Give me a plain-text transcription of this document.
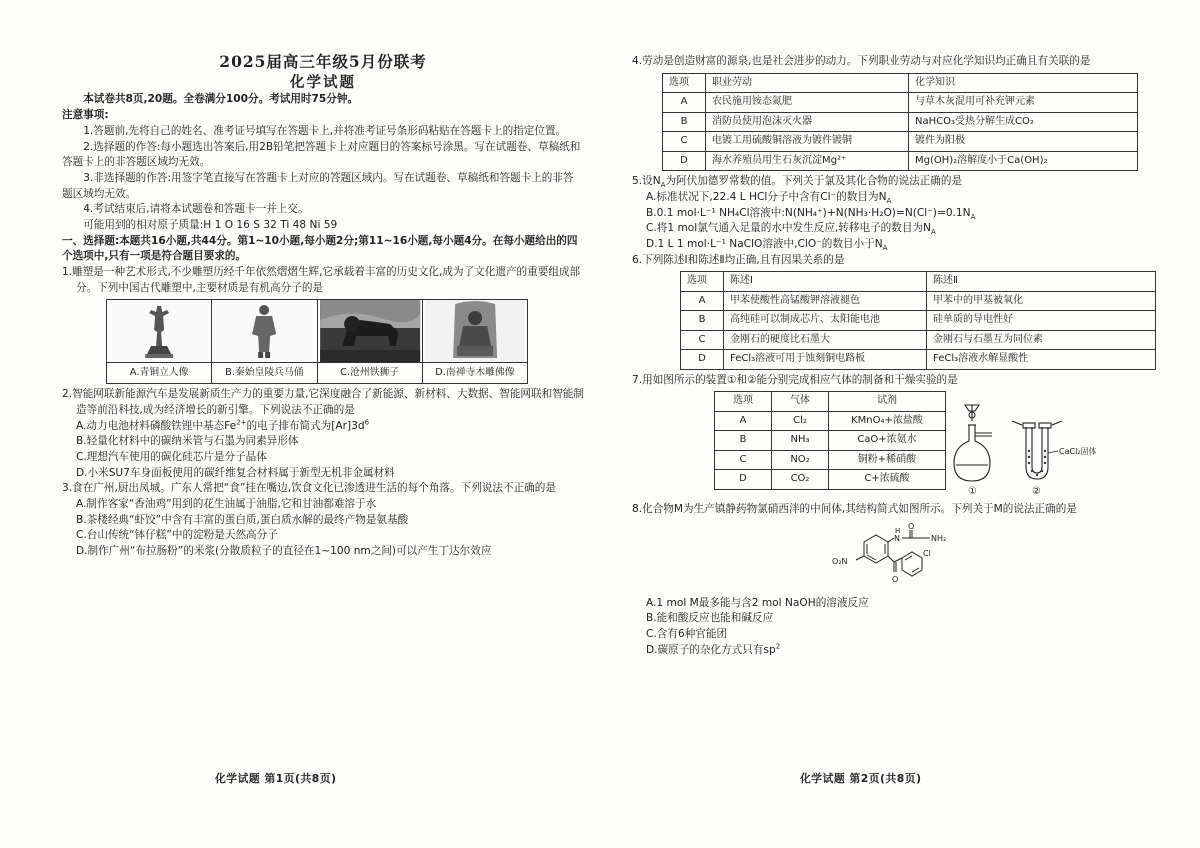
2025届高三年级5月份联考
化学试题

本试卷共8页,20题。全卷满分100分。考试用时75分钟。

注意事项:

1.答题前,先将自己的姓名、准考证号填写在答题卡上,并将准考证号条形码粘贴在答题卡上的指定位置。

2.选择题的作答:每小题选出答案后,用2B铅笔把答题卡上对应题目的答案标号涂黑。写在试题卷、草稿纸和答题卡上的非答题区域均无效。

3.非选择题的作答:用签字笔直接写在答题卡上对应的答题区域内。写在试题卷、草稿纸和答题卡上的非答题区域均无效。

4.考试结束后,请将本试题卷和答题卡一并上交。

可能用到的相对原子质量:H 1 O 16 S 32 Ti 48 Ni 59

一、选择题:本题共16小题,共44分。第1~10小题,每小题2分;第11~16小题,每小题4分。在每小题给出的四个选项中,只有一项是符合题目要求的。

1.雕塑是一种艺术形式,不少雕塑历经千年依然熠熠生辉,它承载着丰富的历史文化,成为了文化遗产的重要组成部分。下列中国古代雕塑中,主要材质是有机高分子的是

A.青铜立人像	B.秦始皇陵兵马俑	C.沧州铁狮子	D.南禅寺木雕佛像

2.智能网联新能源汽车是发展新质生产力的重要力量,它深度融合了新能源、新材料、大数据、智能网联和智能制造等前沿科技,成为经济增长的新引擎。下列说法不正确的是

A.动力电池材料磷酸铁锂中基态$Fe^{2+}$的电子排布简式为$[Ar]3d^6$

B.轻量化材料中的碳纳米管与石墨为同素异形体

C.理想汽车使用的碳化硅芯片是分子晶体

D.小米SU7车身面板使用的碳纤维复合材料属于新型无机非金属材料

3.食在广州,厨出凤城。广东人常把“食”挂在嘴边,饮食文化已渗透进生活的每个角落。下列说法不正确的是

A.制作客家“香油鸡”用到的花生油属于油脂,它和甘油都难溶于水

B.茶楼经典“虾饺”中含有丰富的蛋白质,蛋白质水解的最终产物是氨基酸

C.台山传统“钵仔糕”中的淀粉是天然高分子

D.制作广州“布拉肠粉”的米浆(分散质粒子的直径在1~100 nm之间)可以产生丁达尔效应

化学试题 第1页(共8页)

4.劳动是创造财富的源泉,也是社会进步的动力。下列职业劳动与对应化学知识均正确且有关联的是

选项	职业劳动	化学知识
A	农民施用铵态氮肥	与草木灰混用可补充钾元素
B	消防员使用泡沫灭火器	NaHCO₃受热分解生成CO₂
C	电镀工用硫酸铜溶液为镀件镀铜	镀件为阳极
D	海水养殖员用生石灰沉淀Mg²⁺	Mg(OH)₂溶解度小于Ca(OH)₂

5.设$N_A$为阿伏加德罗常数的值。下列关于氯及其化合物的说法正确的是

A.标准状况下,22.4 L HCl分子中含有Cl⁻的数目为$N_A$

B.0.1 mol·L⁻¹ NH₄Cl溶液中$:N(NH_4^+)+N(NH_3\cdot H_2O)=N(Cl^-)=0.1N_A$

C.将1 mol氯气通入足量的水中发生反应,转移电子的数目为$N_A$

D.1 L 1 mol·L⁻¹ NaClO溶液中,ClO⁻的数目小于$N_A$

6.下列陈述Ⅰ和陈述Ⅱ均正确,且有因果关系的是

选项	陈述Ⅰ	陈述Ⅱ
A	甲苯使酸性高锰酸钾溶液褪色	甲苯中的甲基被氧化
B	高纯硅可以制成芯片、太阳能电池	硅单质的导电性好
C	金刚石的硬度比石墨大	金刚石与石墨互为同位素
D	FeCl₃溶液可用于蚀刻铜电路板	FeCl₃溶液水解显酸性

7.用如图所示的装置①和②能分别完成相应气体的制备和干燥实验的是

选项	气体	试剂
A	Cl₂	KMnO₄+浓盐酸
B	NH₃	CaO+浓氨水
C	NO₂	铜粉+稀硝酸
D	CO₂	C+浓硫酸
①
CaCl₂固体
②

8.化合物M为生产镇静药物氯硝西泮的中间体,其结构简式如图所示。下列关于M的说法正确的是

N
H O
NH₂
O₂N
O
Cl

A.1 mol M最多能与含2 mol NaOH的溶液反应

B.能和酸反应也能和碱反应

C.含有6种官能团

D.碳原子的杂化方式只有$sp^2$

化学试题 第2页(共8页)
